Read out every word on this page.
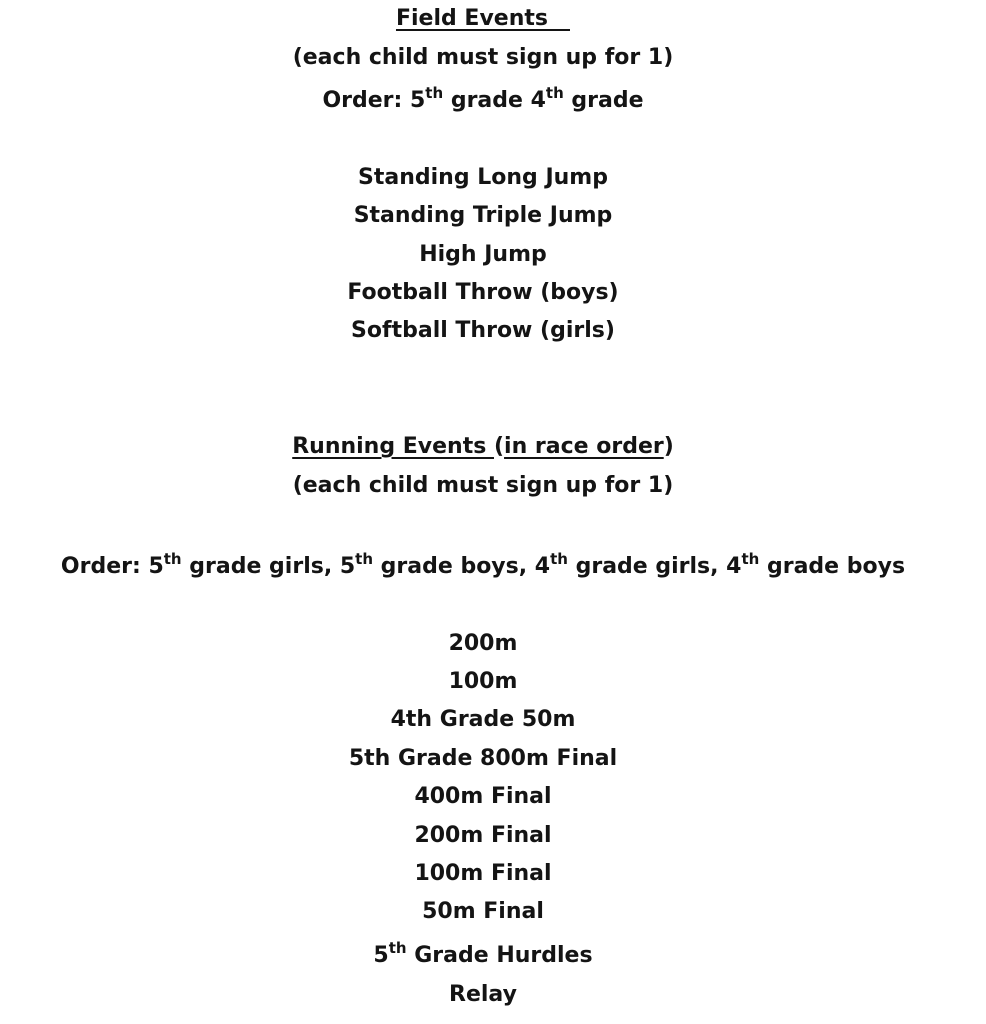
Field Events
(each child must sign up for 1)
Order: 5th grade 4th grade
Standing Long Jump
Standing Triple Jump
High Jump
Football Throw (boys)
Softball Throw (girls)
Running Events (in race order)
(each child must sign up for 1)
Order: 5th grade girls, 5th grade boys, 4th grade girls, 4th grade boys
200m
100m
4th Grade 50m
5th Grade 800m Final
400m Final
200m Final
100m Final
50m Final
5th Grade Hurdles
Relay
